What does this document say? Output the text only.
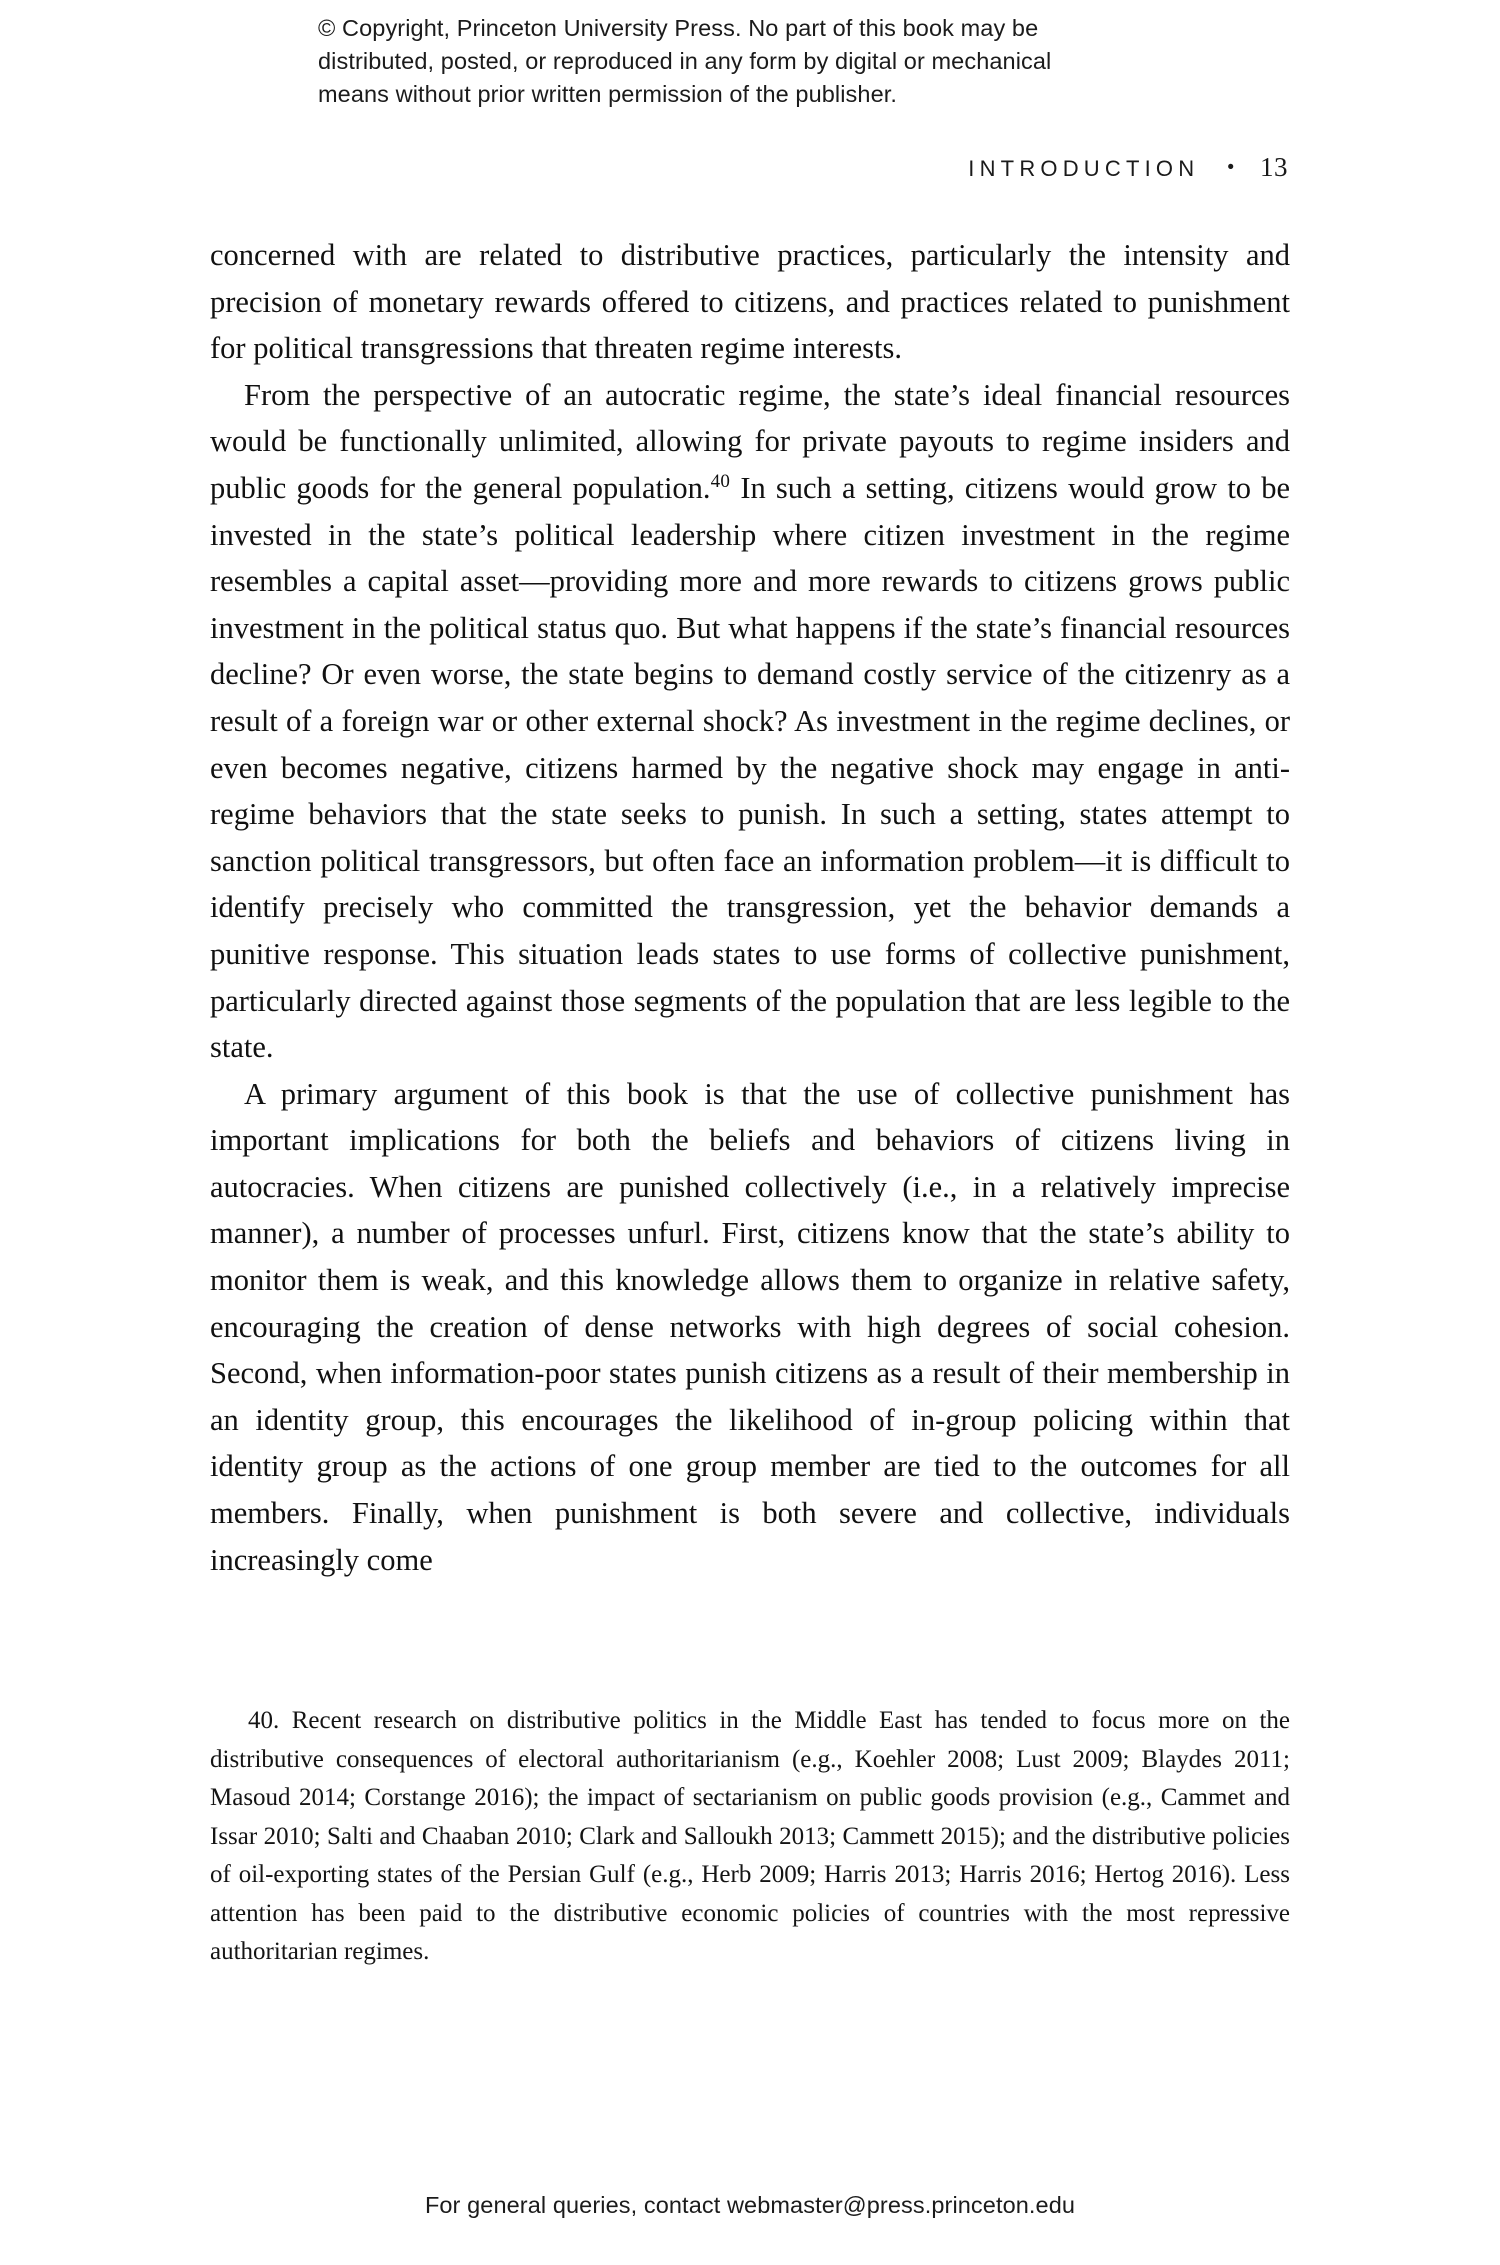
© Copyright, Princeton University Press. No part of this book may be
distributed, posted, or reproduced in any form by digital or mechanical
means without prior written permission of the publisher.
INTRODUCTION • 13

concerned with are related to distributive practices, particularly the intensity and precision of monetary rewards offered to citizens, and practices related to punishment for political transgressions that threaten regime interests.

From the perspective of an autocratic regime, the state’s ideal financial resources would be functionally unlimited, allowing for private payouts to regime insiders and public goods for the general population.$^{40}$ In such a setting, citizens would grow to be invested in the state’s political leadership where citizen investment in the regime resembles a capital asset—providing more and more rewards to citizens grows public investment in the political status quo. But what happens if the state’s financial resources decline? Or even worse, the state begins to demand costly service of the citizenry as a result of a foreign war or other external shock? As investment in the regime declines, or even becomes negative, citizens harmed by the negative shock may engage in anti-regime behaviors that the state seeks to punish. In such a setting, states attempt to sanction political transgressors, but often face an information problem—it is difficult to identify precisely who committed the transgression, yet the behavior demands a punitive response. This situation leads states to use forms of collective punishment, particularly directed against those segments of the population that are less legible to the state.

A primary argument of this book is that the use of collective punishment has important implications for both the beliefs and behaviors of citizens living in autocracies. When citizens are punished collectively (i.e., in a relatively imprecise manner), a number of processes unfurl. First, citizens know that the state’s ability to monitor them is weak, and this knowledge allows them to organize in relative safety, encouraging the creation of dense networks with high degrees of social cohesion. Second, when information-poor states punish citizens as a result of their membership in an identity group, this encourages the likelihood of in-group policing within that identity group as the actions of one group member are tied to the outcomes for all members. Finally, when punishment is both severe and collective, individuals increasingly come

40. Recent research on distributive politics in the Middle East has tended to focus more on the distributive consequences of electoral authoritarianism (e.g., Koehler 2008; Lust 2009; Blaydes 2011; Masoud 2014; Corstange 2016); the impact of sectarianism on public goods provision (e.g., Cammet and Issar 2010; Salti and Chaaban 2010; Clark and Salloukh 2013; Cammett 2015); and the distributive policies of oil-exporting states of the Persian Gulf (e.g., Herb 2009; Harris 2013; Harris 2016; Hertog 2016). Less attention has been paid to the distributive economic policies of countries with the most repressive authoritarian regimes.

For general queries, contact webmaster@press.princeton.edu
